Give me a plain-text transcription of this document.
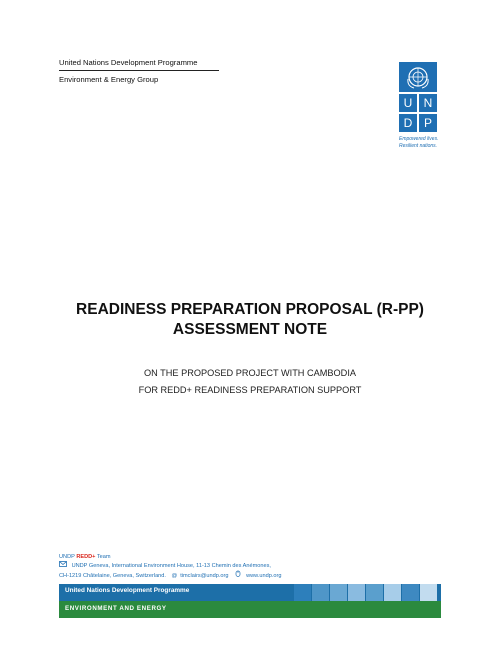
United Nations Development Programme
Environment & Energy Group
U N
D P
Empowered lives.
Resilient nations.
READINESS PREPARATION PROPOSAL (R-PP)
ASSESSMENT NOTE
ON THE PROPOSED PROJECT WITH CAMBODIA
FOR REDD+ READINESS PREPARATION SUPPORT
UNDP REDD+ Team
UNDP Geneva, International Environment House, 11-13 Chemin des Anémones,
CH-1219 Châtelaine, Geneva, Switzerland. @ timclairs@undp.org	www.undp.org
United Nations Development Programme
ENVIRONMENT AND ENERGY
